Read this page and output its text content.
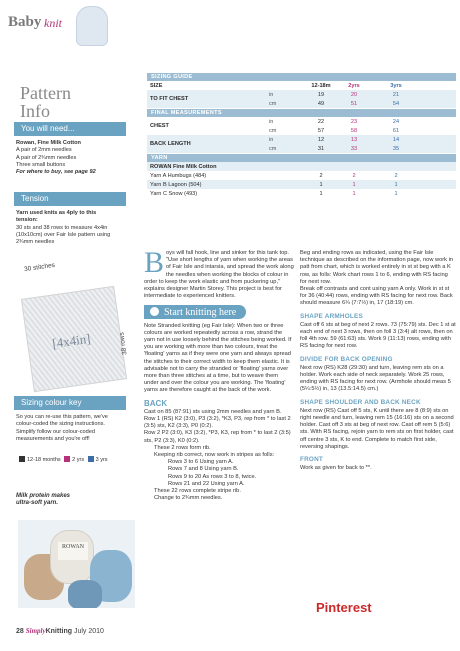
Baby knit
Pattern
Info
You will need...
Rowan, Fine Milk Cotton
A pair of 2mm needles
A pair of 2¾mm needles
Three small buttons
For where to buy, see page 92
Tension
Yarn used knits as 4ply to this
tension:
30 sts and 38 rows to measure 4x4in
(10x10cm) over Fair Isle pattern using
2¾mm needles
30 stitches
[4x4in]	38 rows
Sizing colour key
So you can re-use this pattern, we've
colour-coded the sizing instructions.
Simplify follow our colour-coded
measurements and you're off!
12-18 months 2 yrs 3 yrs
Milk protein makes ultra-soft yarn.
ROWAN
28 SimplyKnitting July 2010
SIZING GUIDE
SIZE	12-18m	2yrs	3yrs
in	19	20	21
TO FIT CHEST
cm	49	51	54
FINAL MEASUREMENTS
in	22	23	24
CHEST
cm	57	58	61
in	12	13	14
BACK LENGTH
cm	31	33	35
YARN
ROWAN Fine Milk Cotton
Yarn A Humbugs (484)	2	2	2
Yarn B Lagoon (504)	1	1	1
Yarn C Snow (493)	1	1	1

Boys will fall hook, line and sinker for this tank top. "Use short lengths of yarn when working the areas of Fair Isle and intarsia, and spread the work along the needles when working the blocks of colour in order to keep the work elastic and from puckering up," explains designer Martin Storey. This project is best for intermediate to experienced knitters.

Start knitting here

Note Stranded knitting (eg Fair Isle): When two or three colours are worked repeatedly across a row, strand the yarn not in use loosely behind the stitches being worked. If you are working with more than two colours, treat the 'floating' yarns as if they were one yarn and always spread the stitches to their correct width to keep them elastic. It is advisable not to carry the stranded or 'floating' yarns over more than three stitches at a time, but to weave them under and over the colour you are working. The 'floating' yarns are therefore caught at the back of the work.

BACK

Cast on 85 (87:91) sts using 2mm needles and yarn B.

Row 1 (RS) K2 (3:0), P3 (3:2), *K3, P3, rep from * to last 2 (3:5) sts, K2 (3:3), P0 (0:2).

Row 2 P2 (3:0), K3 (3:2), *P3, K3, rep from * to last 2 (3:5) sts, P2 (3:3), K0 (0:2).

These 2 rows form rib.

Keeping rib correct, now work in stripes as folls:

Rows 3 to 6 Using yarn A.

Rows 7 and 8 Using yarn B.

Rows 9 to 20 As rows 3 to 8, twice.

Rows 21 and 22 Using yarn A.

These 22 rows complete stripe rib.

Change to 2¾mm needles.

Beg and ending rows as indicated, using the Fair Isle technique as described on the information page, now work in patt from chart, which is worked entirely in st st beg with a K row, as folls: Work chart rows 1 to 6, ending with RS facing for next row.

Break off contrasts and cont using yarn A only. Work in st st for 36 (40:44) rows, ending with RS facing for next row. Back should measure 6¼ (7:7½) in, 17 (18:19) cm.

SHAPE ARMHOLES

Cast off 6 sts at beg of next 2 rows. 73 (75:79) sts. Dec 1 st at each end of next 3 rows, then on foll 3 (3:4) alt rows, then on foll 4th row. 59 (61:63) sts. Work 9 (11:13) rows, ending with RS facing for next row.

DIVIDE FOR BACK OPENING

Next row (RS) K28 (29:30) and turn, leaving rem sts on a holder. Work each side of neck separately. Work 25 rows, ending with RS facing for next row. (Armhole should meas 5 (5¼:5½) in, 13 (13.5:14.5) cm.)

SHAPE SHOULDER AND BACK NECK

Next row (RS) Cast off 5 sts, K until there are 8 (8:9) sts on right needle and turn, leaving rem 15 (16:16) sts on a second holder. Cast off 3 sts at beg of next row. Cast off rem 5 (5:6) sts. With RS facing, rejoin yarn to rem sts on first holder, cast off centre 3 sts, K to end. Complete to match first side, reversing shapings.

FRONT

Work as given for back to **.

Pinterest
